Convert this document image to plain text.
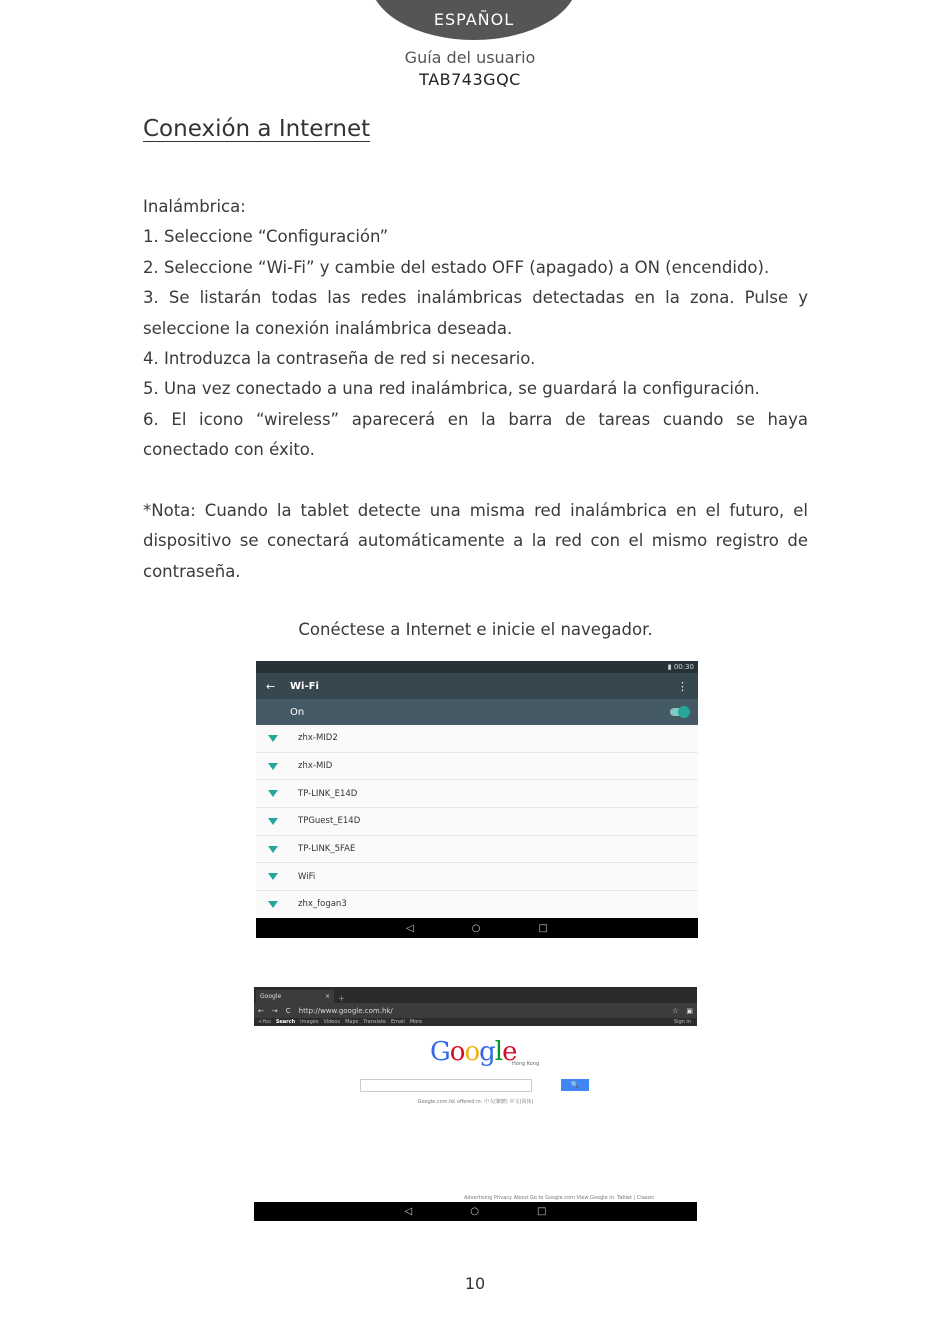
ESPAÑOL
Guía del usuario
TAB743GQC
Conexión a Internet

Inalámbrica:

1. Seleccione “Configuración”

2. Seleccione “Wi-Fi” y cambie del estado OFF (apagado) a ON (encendido).

3. Se listarán todas las redes inalámbricas detectadas en la zona. Pulse y seleccione la conexión inalámbrica deseada.

4. Introduzca la contraseña de red si necesario.

5. Una vez conectado a una red inalámbrica, se guardará la configuración.

6. El icono “wireless” aparecerá en la barra de tareas cuando se haya conectado con éxito.

*Nota: Cuando la tablet detecte una misma red inalámbrica en el futuro, el dispositivo se conectará automáticamente a la red con el mismo registro de contraseña.

Conéctese a Internet e inicie el navegador.
▮ 00:30
←	Wi-Fi	⋮
On
zhx-MID2
zhx-MID
TP-LINK_E14D
TPGuest_E14D
TP-LINK_5FAE
WiFi
zhx_fogan3
◁	○	□
Google	× +
← → C http://www.google.com.hk/	☆ ▣
+You Search Images Videos Maps Translate Email More	Sign in
Google
Hong Kong
🔍
Google.com.hk offered in: 中文(繁體) 中文(简体)
Advertising Privacy About Go to Google.com View Google in: Tablet | Classic
◁	○	□
10
